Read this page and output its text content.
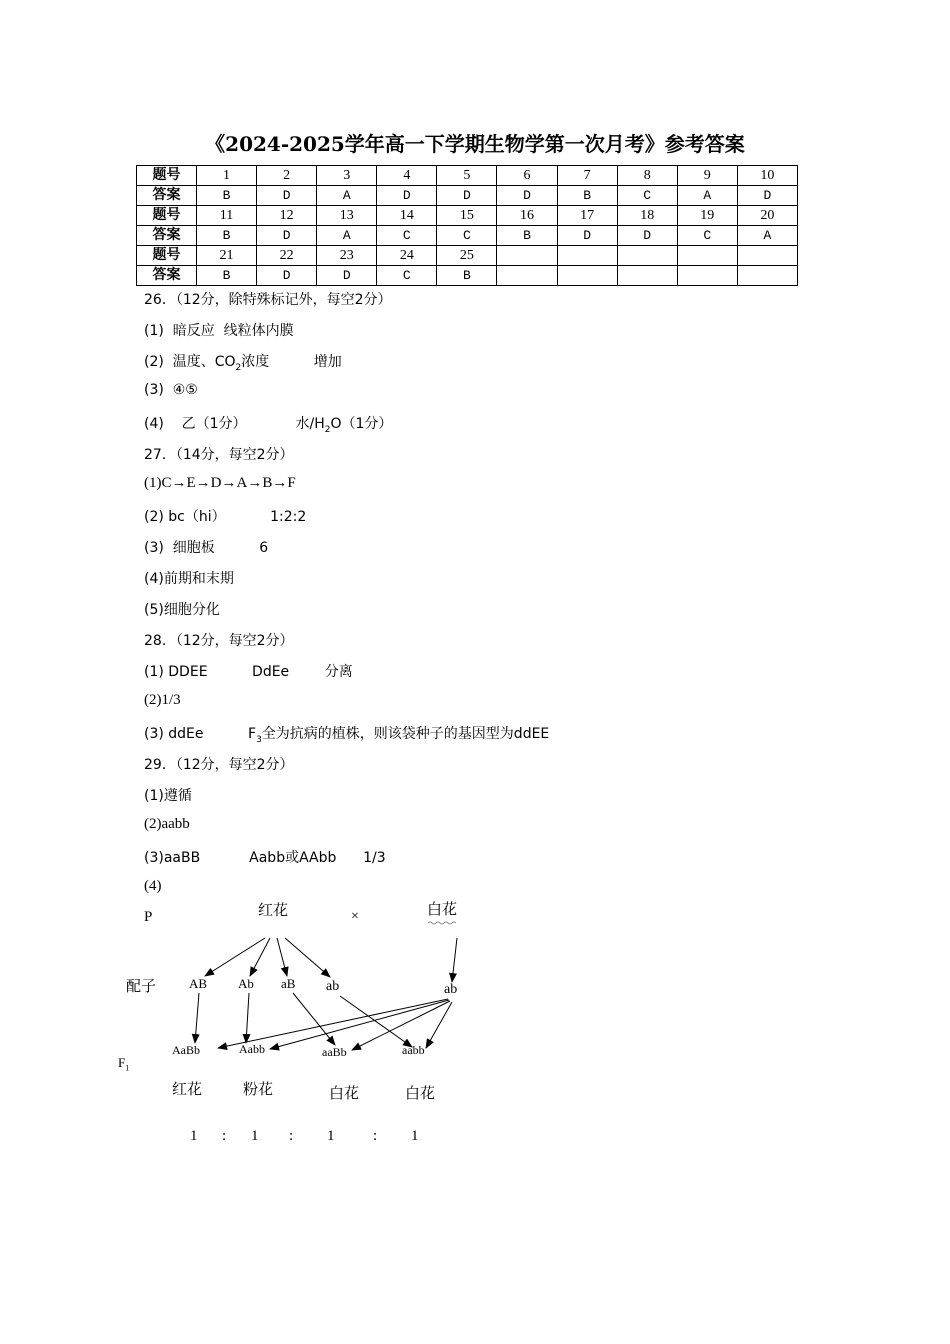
《2024-2025学年高一下学期生物学第一次月考》参考答案
题号	1	2	3	4	5	6	7	8	9	10
答案	B	D	A	D	D	D	B	C	A	D
题号	11	12	13	14	15	16	17	18	19	20
答案	B	D	A	C	C	B	D	D	C	A
题号	21	22	23	24	25					
答案	B	D	D	C	B					
26．（12分，除特殊标记外，每空2分）
(1)  暗反应  线粒体内膜
(2)  温度、$CO_2$浓度          增加
(3)  ④⑤
(4)    乙（1分）           水$/H_2O(1$分）
27．（14分，每空2分）
(1)C→E→D→A→B→F
(2) bc（hi）          1:2:2
(3)  细胞板          6
(4)前期和末期
(5)细胞分化
28．（12分，每空2分）
(1) DDEE          DdEe        分离
(2)1/3
(3) ddEe          $F_3$全为抗病的植株，则该袋种子的基因型为ddEE
29．（12分，每空2分）
(1)遵循
(2)aabb
(3)aaBB           Aabb或AAbb      1/3
(4)
P	红花	×	白花
配子	AB Ab aB ab	ab
$F_1$
AaBb	Aabb	aaBb	aabb
红花	粉花	白花	白花
1 : 1 : 1	: 1
